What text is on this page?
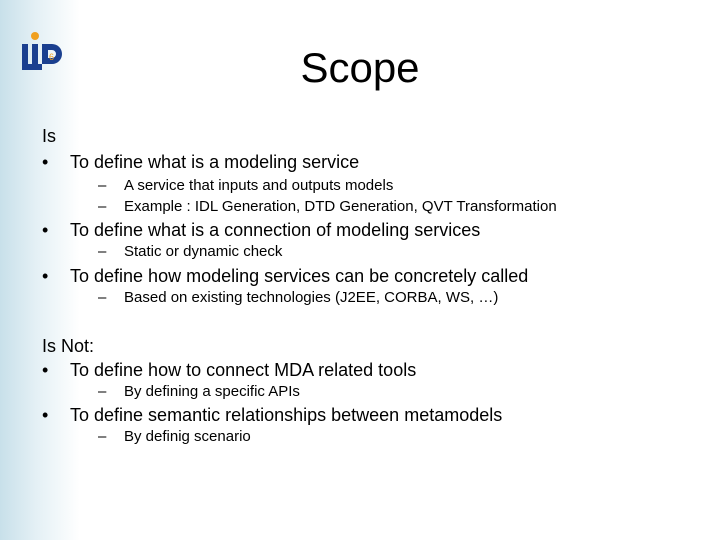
6	Scope
Is
• To define what is a modeling service
– A service that inputs and outputs models
– Example : IDL Generation, DTD Generation, QVT Transformation
• To define what is a connection of modeling services
– Static or dynamic check
• To define how modeling services can be concretely called
– Based on existing technologies (J2EE, CORBA, WS, …)
Is Not:
• To define how to connect MDA related tools
– By defining a specific APIs
• To define semantic relationships between metamodels
– By definig scenario
